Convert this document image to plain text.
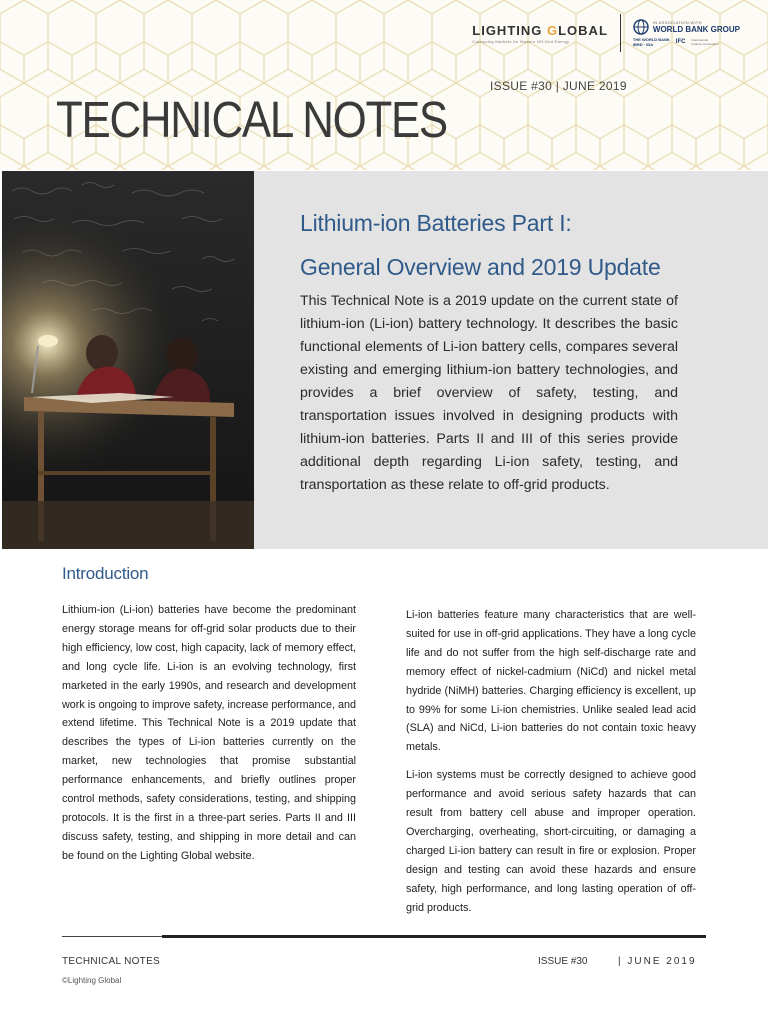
LIGHTING GLOBAL
Catalyzing Markets for Modern Off-Grid Energy
IN ASSOCIATION WITH
WORLD BANK GROUP
THE WORLD BANK
IBRD · IDA	IFC International
Finance Corporation
ISSUE #30 | JUNE 2019
TECHNICAL NOTES
Lithium-ion Batteries Part I:
General Overview and 2019 Update

This Technical Note is a 2019 update on the current state of lithium-ion (Li-ion) battery technology. It describes the basic functional elements of Li-ion battery cells, compares several existing and emerging lithium-ion battery technologies, and provides a brief overview of safety, testing, and transportation issues involved in designing products with lithium-ion batteries. Parts II and III of this series provide additional depth regarding Li-ion safety, testing, and transportation as these relate to off-grid products.

Introduction

Lithium-ion (Li-ion) batteries have become the predominant energy storage means for off-grid solar products due to their high efficiency, low cost, high capacity, lack of memory effect, and long cycle life. Li-ion is an evolving technology, first marketed in the early 1990s, and research and development work is ongoing to improve safety, increase performance, and extend lifetime. This Technical Note is a 2019 update that describes the types of Li-ion batteries currently on the market, new technologies that promise substantial performance enhancements, and briefly outlines proper control methods, safety considerations, testing, and shipping protocols. It is the first in a three-part series. Parts II and III discuss safety, testing, and shipping in more detail and can be found on the Lighting Global website.

Li-ion batteries feature many characteristics that are well-suited for use in off-grid applications. They have a long cycle life and do not suffer from the high self-discharge rate and memory effect of nickel-cadmium (NiCd) and nickel metal hydride (NiMH) batteries. Charging efficiency is excellent, up to 99% for some Li-ion chemistries. Unlike sealed lead acid (SLA) and NiCd, Li-ion batteries do not contain toxic heavy metals.

Li-ion systems must be correctly designed to achieve good performance and avoid serious safety hazards that can result from battery cell abuse and improper operation. Overcharging, overheating, short-circuiting, or damaging a charged Li-ion battery can result in fire or explosion. Proper design and testing can avoid these hazards and ensure safety, high performance, and long lasting operation of off-grid products.

TECHNICAL NOTES	ISSUE #30	| JUNE 2019
©Lighting Global
